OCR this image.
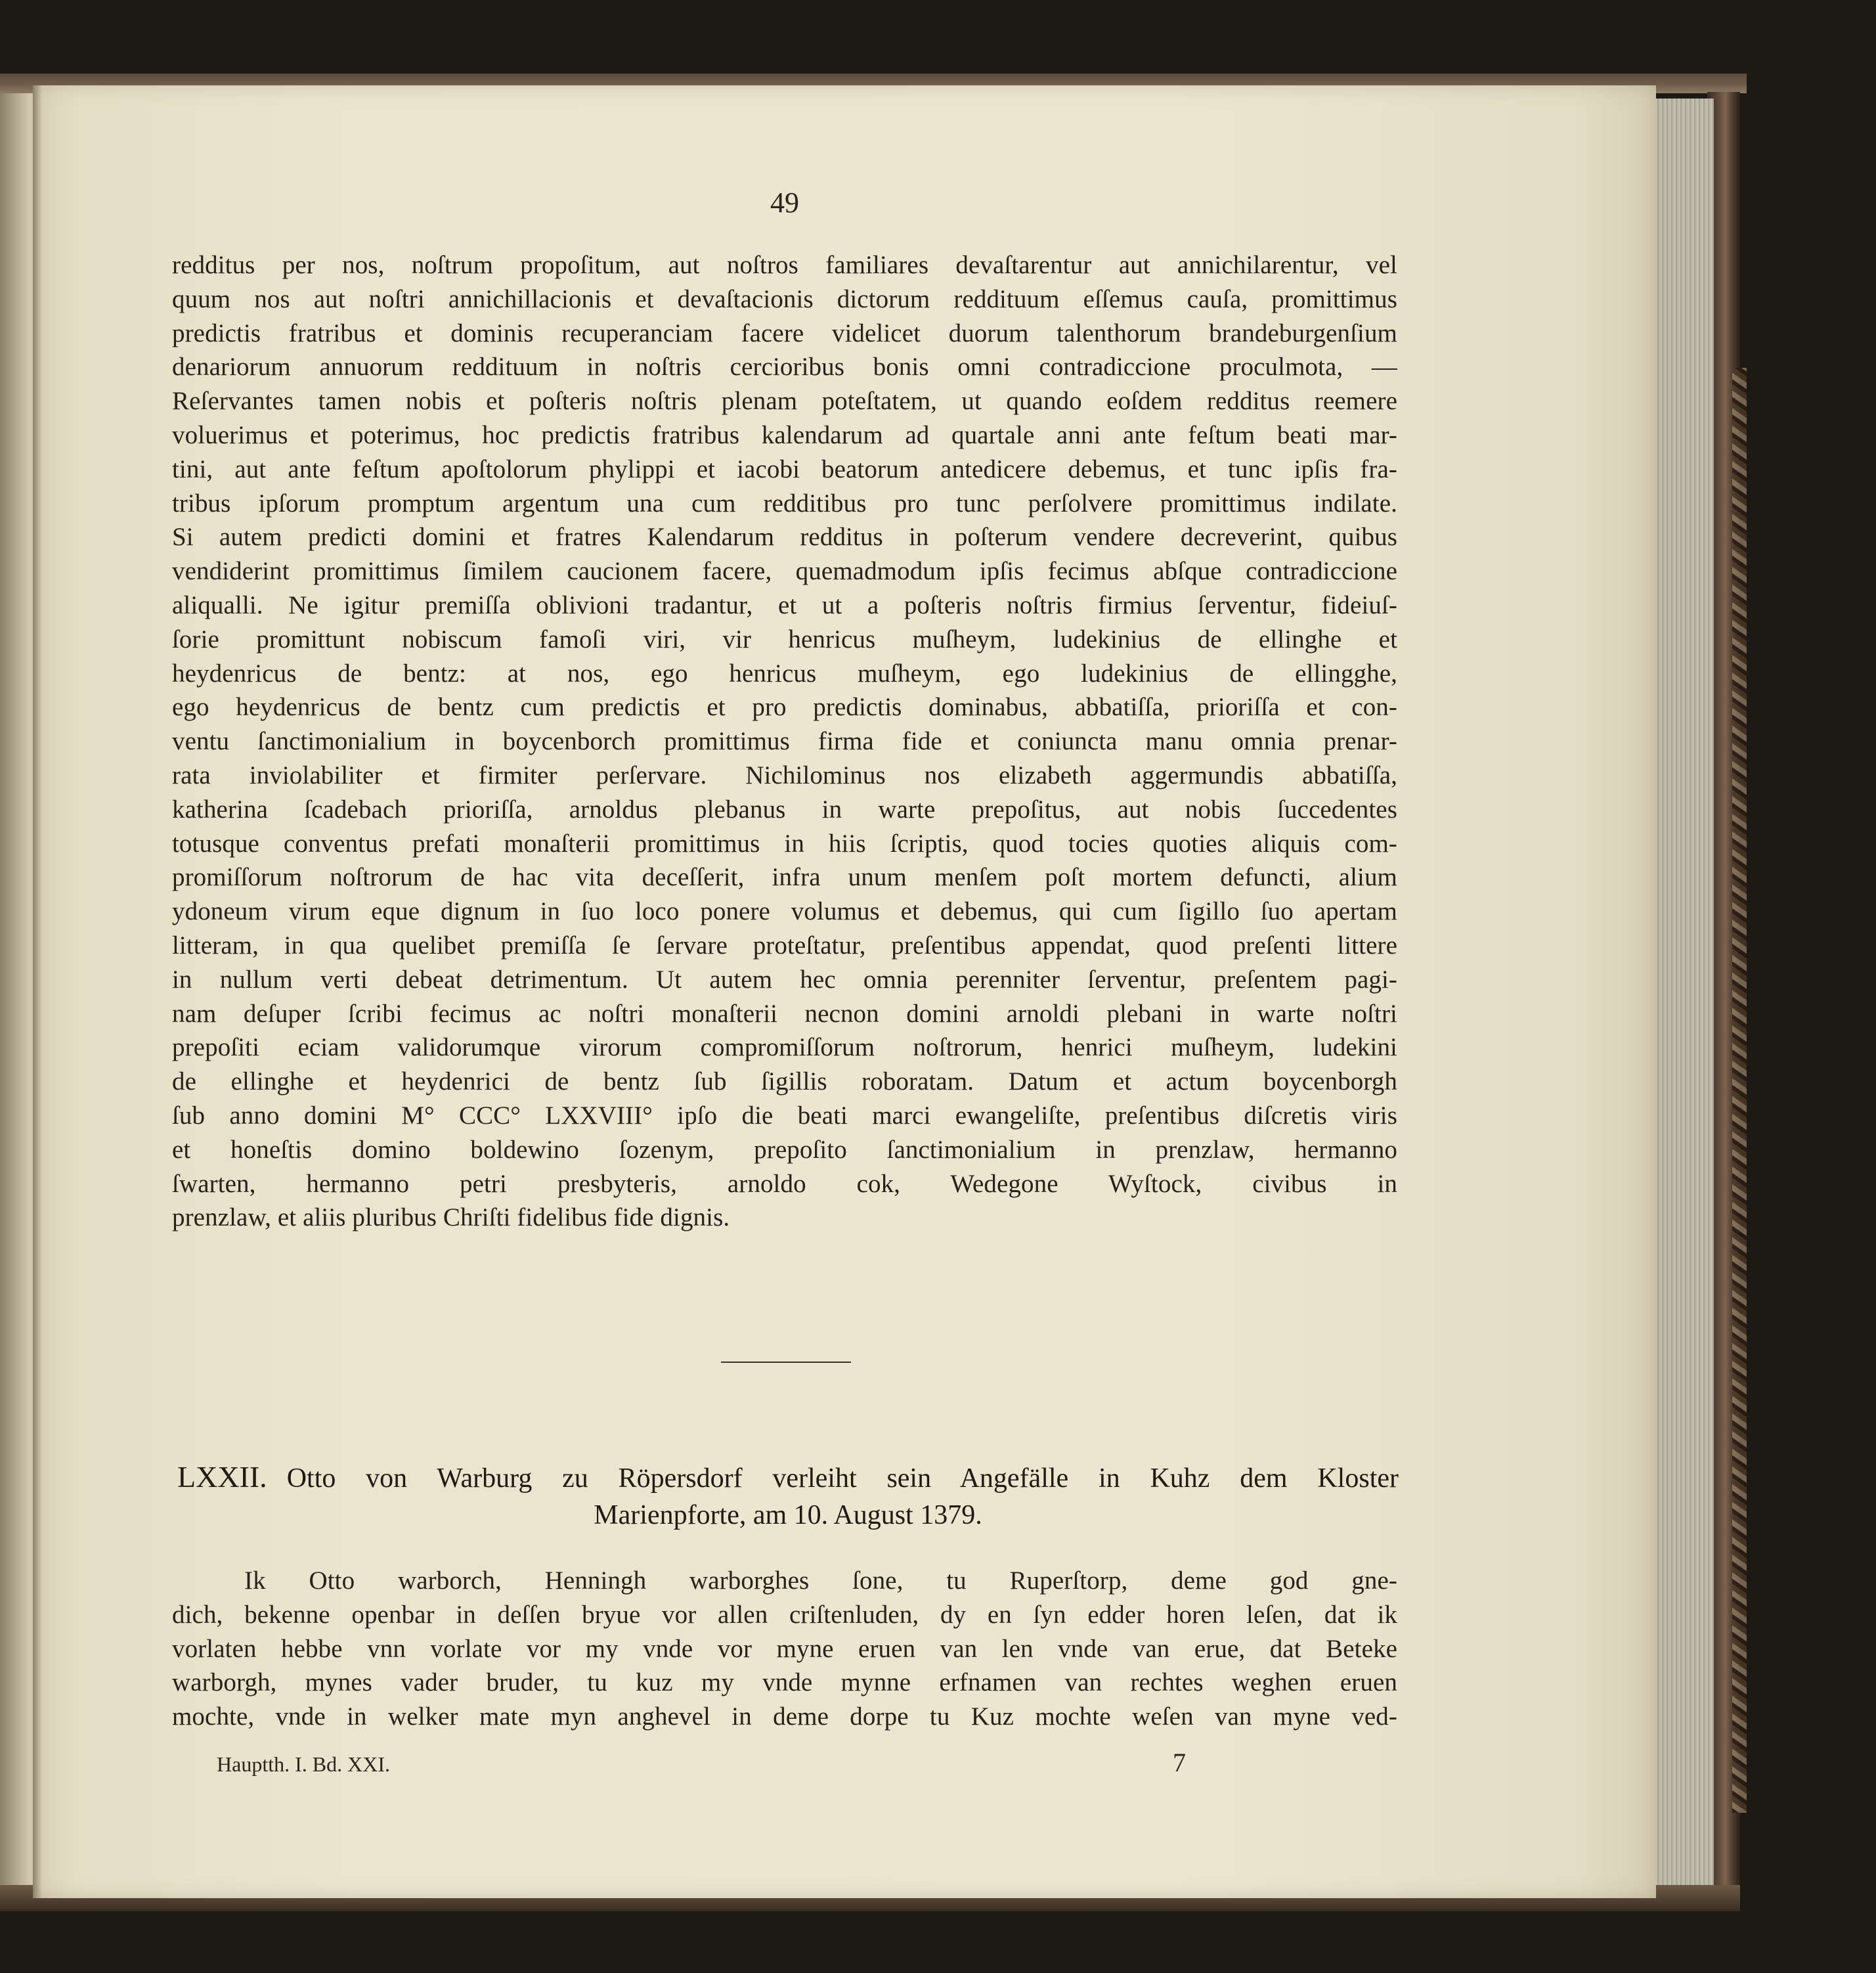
49
redditus per nos, noſtrum propoſitum, aut noſtros familiares devaſtarentur aut annichilarentur, vel
quum nos aut noſtri annichillacionis et devaſtacionis dictorum reddituum eſſemus cauſa, promittimus
predictis fratribus et dominis recuperanciam facere videlicet duorum talenthorum brandeburgenſium
denariorum annuorum reddituum in noſtris cercioribus bonis omni contradiccione proculmota, —
Reſervantes tamen nobis et poſteris noſtris plenam poteſtatem, ut quando eoſdem redditus reemere
voluerimus et poterimus, hoc predictis fratribus kalendarum ad quartale anni ante feſtum beati mar-
tini, aut ante feſtum apoſtolorum phylippi et iacobi beatorum antedicere debemus, et tunc ipſis fra-
tribus ipſorum promptum argentum una cum redditibus pro tunc perſolvere promittimus indilate.
Si autem predicti domini et fratres Kalendarum redditus in poſterum vendere decreverint, quibus
vendiderint promittimus ſimilem caucionem facere, quemadmodum ipſis fecimus abſque contradiccione
aliqualli. Ne igitur premiſſa oblivioni tradantur, et ut a poſteris noſtris firmius ſerventur, fideiuſ-
ſorie promittunt nobiscum famoſi viri, vir henricus muſheym, ludekinius de ellinghe et
heydenricus de bentz: at nos, ego henricus muſheym, ego ludekinius de ellingghe,
ego heydenricus de bentz cum predictis et pro predictis dominabus, abbatiſſa, prioriſſa et con-
ventu ſanctimonialium in boycenborch promittimus firma fide et coniuncta manu omnia prenar-
rata inviolabiliter et firmiter perſervare. Nichilominus nos elizabeth aggermundis abbatiſſa,
katherina ſcadebach prioriſſa, arnoldus plebanus in warte prepoſitus, aut nobis ſuccedentes
totusque conventus prefati monaſterii promittimus in hiis ſcriptis, quod tocies quoties aliquis com-
promiſſorum noſtrorum de hac vita deceſſerit, infra unum menſem poſt mortem defuncti, alium
ydoneum virum eque dignum in ſuo loco ponere volumus et debemus, qui cum ſigillo ſuo apertam
litteram, in qua quelibet premiſſa ſe ſervare proteſtatur, preſentibus appendat, quod preſenti littere
in nullum verti debeat detrimentum. Ut autem hec omnia perenniter ſerventur, preſentem pagi-
nam deſuper ſcribi fecimus ac noſtri monaſterii necnon domini arnoldi plebani in warte noſtri
prepoſiti eciam validorumque virorum compromiſſorum noſtrorum, henrici muſheym, ludekini
de ellinghe et heydenrici de bentz ſub ſigillis roboratam. Datum et actum boycenborgh
ſub anno domini M° CCC° LXXVIII° ipſo die beati marci ewangeliſte, preſentibus diſcretis viris
et honeſtis domino boldewino ſozenym, prepoſito ſanctimonialium in prenzlaw, hermanno
ſwarten, hermanno petri presbyteris, arnoldo cok, Wedegone Wyſtock, civibus in
prenzlaw, et aliis pluribus Chriſti fidelibus fide dignis.
LXXII. Otto von Warburg zu Röpersdorf verleiht sein Angefälle in Kuhz dem Kloster
Marienpforte, am 10. August 1379.
Ik Otto warborch, Henningh warborghes ſone, tu Ruperſtorp, deme god gne-
dich, bekenne openbar in deſſen bryue vor allen criſtenluden, dy en ſyn edder horen leſen, dat ik
vorlaten hebbe vnn vorlate vor my vnde vor myne eruen van len vnde van erue, dat Beteke
warborgh, mynes vader bruder, tu kuz my vnde mynne erfnamen van rechtes weghen eruen
mochte, vnde in welker mate myn anghevel in deme dorpe tu Kuz mochte weſen van myne ved-
Hauptth. I. Bd. XXI.	7
